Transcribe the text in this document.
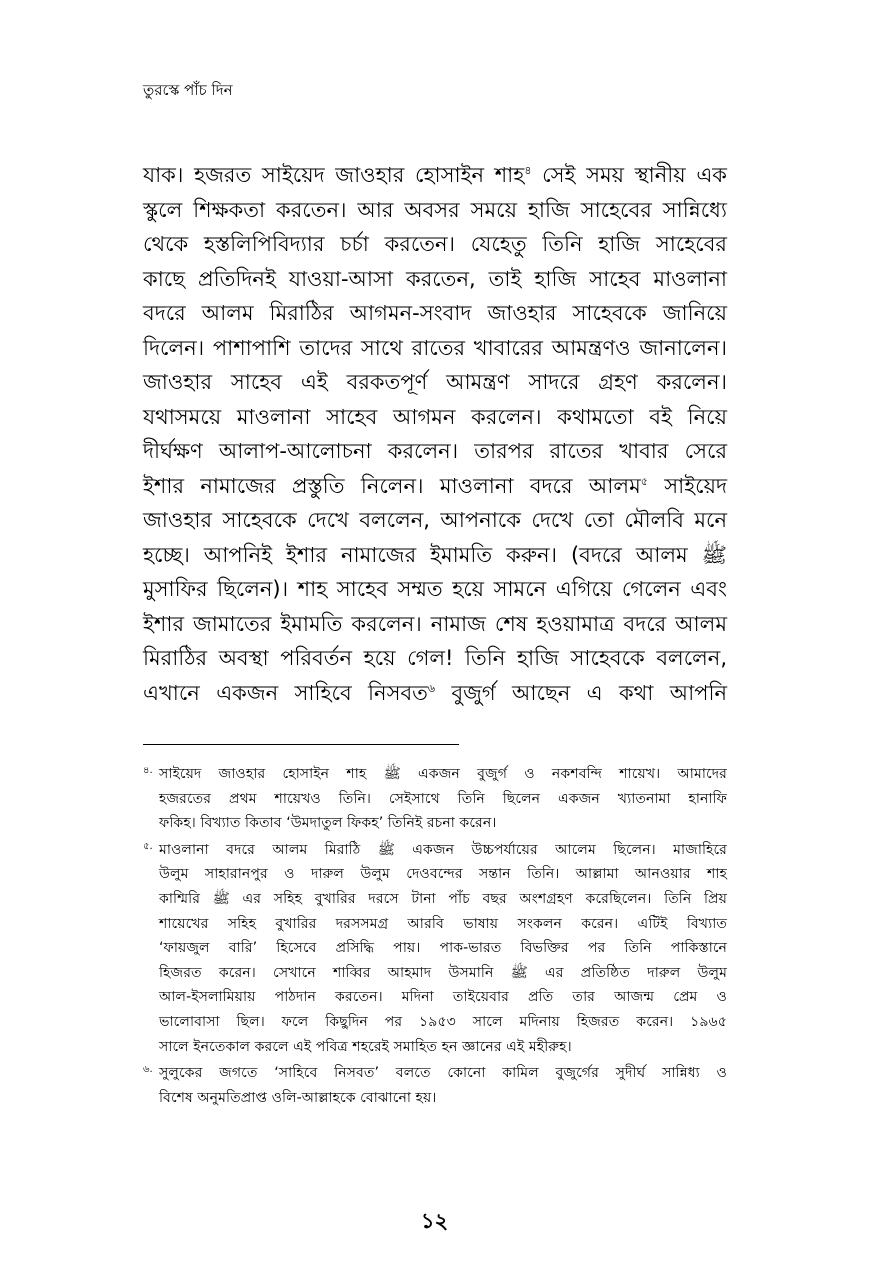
তুরস্কে পাঁচ দিন
যাক। হজরত সাইয়েদ জাওহার হোসাইন শাহ$^৪$ সেই সময় স্থানীয় এক
স্কুলে শিক্ষকতা করতেন। আর অবসর সময়ে হাজি সাহেবের সান্নিধ্যে
থেকে হস্তলিপিবিদ্যার চর্চা করতেন। যেহেতু তিনি হাজি সাহেবের
কাছে প্রতিদিনই যাওয়া-আসা করতেন, তাই হাজি সাহেব মাওলানা
বদরে আলম মিরাঠির আগমন-সংবাদ জাওহার সাহেবকে জানিয়ে
দিলেন। পাশাপাশি তাদের সাথে রাতের খাবারের আমন্ত্রণও জানালেন।
জাওহার সাহেব এই বরকতপূর্ণ আমন্ত্রণ সাদরে গ্রহণ করলেন।
যথাসময়ে মাওলানা সাহেব আগমন করলেন। কথামতো বই নিয়ে
দীর্ঘক্ষণ আলাপ-আলোচনা করলেন। তারপর রাতের খাবার সেরে
ইশার নামাজের প্রস্তুতি নিলেন। মাওলানা বদরে আলম$^৫$ সাইয়েদ
জাওহার সাহেবকে দেখে বললেন, আপনাকে দেখে তো মৌলবি মনে
হচ্ছে। আপনিই ইশার নামাজের ইমামতি করুন। (বদরে আলম ﷺ
মুসাফির ছিলেন)। শাহ সাহেব সম্মত হয়ে সামনে এগিয়ে গেলেন এবং
ইশার জামাতের ইমামতি করলেন। নামাজ শেষ হওয়ামাত্র বদরে আলম
মিরাঠির অবস্থা পরিবর্তন হয়ে গেল! তিনি হাজি সাহেবকে বললেন,
এখানে একজন সাহিবে নিসবত$^৬$ বুজুর্গ আছেন এ কথা আপনি
৪. সাইয়েদ জাওহার হোসাইন শাহ ﷺ একজন বুজুর্গ ও নকশবন্দি শায়েখ। আমাদের
হজরতের প্রথম শায়েখও তিনি। সেইসাথে তিনি ছিলেন একজন খ্যাতনামা হানাফি
ফকিহ। বিখ্যাত কিতাব ‘উমদাতুল ফিকহ’ তিনিই রচনা করেন।
৫. মাওলানা বদরে আলম মিরাঠি ﷺ একজন উচ্চপর্যায়ের আলেম ছিলেন। মাজাহিরে
উলুম সাহারানপুর ও দারুল উলুম দেওবন্দের সন্তান তিনি। আল্লামা আনওয়ার শাহ
কাশ্মিরি ﷺ এর সহিহ বুখারির দরসে টানা পাঁচ বছর অংশগ্রহণ করেছিলেন। তিনি প্রিয়
শায়েখের সহিহ বুখারির দরসসমগ্র আরবি ভাষায় সংকলন করেন। এটিই বিখ্যাত
‘ফায়জুল বারি’ হিসেবে প্রসিদ্ধি পায়। পাক-ভারত বিভক্তির পর তিনি পাকিস্তানে
হিজরত করেন। সেখানে শাব্বির আহমাদ উসমানি ﷺ এর প্রতিষ্ঠিত দারুল উলুম
আল-ইসলামিয়ায় পাঠদান করতেন। মদিনা তাইয়েবার প্রতি তার আজন্ম প্রেম ও
ভালোবাসা ছিল। ফলে কিছুদিন পর ১৯৫৩ সালে মদিনায় হিজরত করেন। ১৯৬৫
সালে ইনতেকাল করলে এই পবিত্র শহরেই সমাহিত হন জ্ঞানের এই মহীরুহ।
৬. সুলুকের জগতে ‘সাহিবে নিসবত’ বলতে কোনো কামিল বুজুর্গের সুদীর্ঘ সান্নিধ্য ও
বিশেষ অনুমতিপ্রাপ্ত ওলি-আল্লাহকে বোঝানো হয়।
১২
